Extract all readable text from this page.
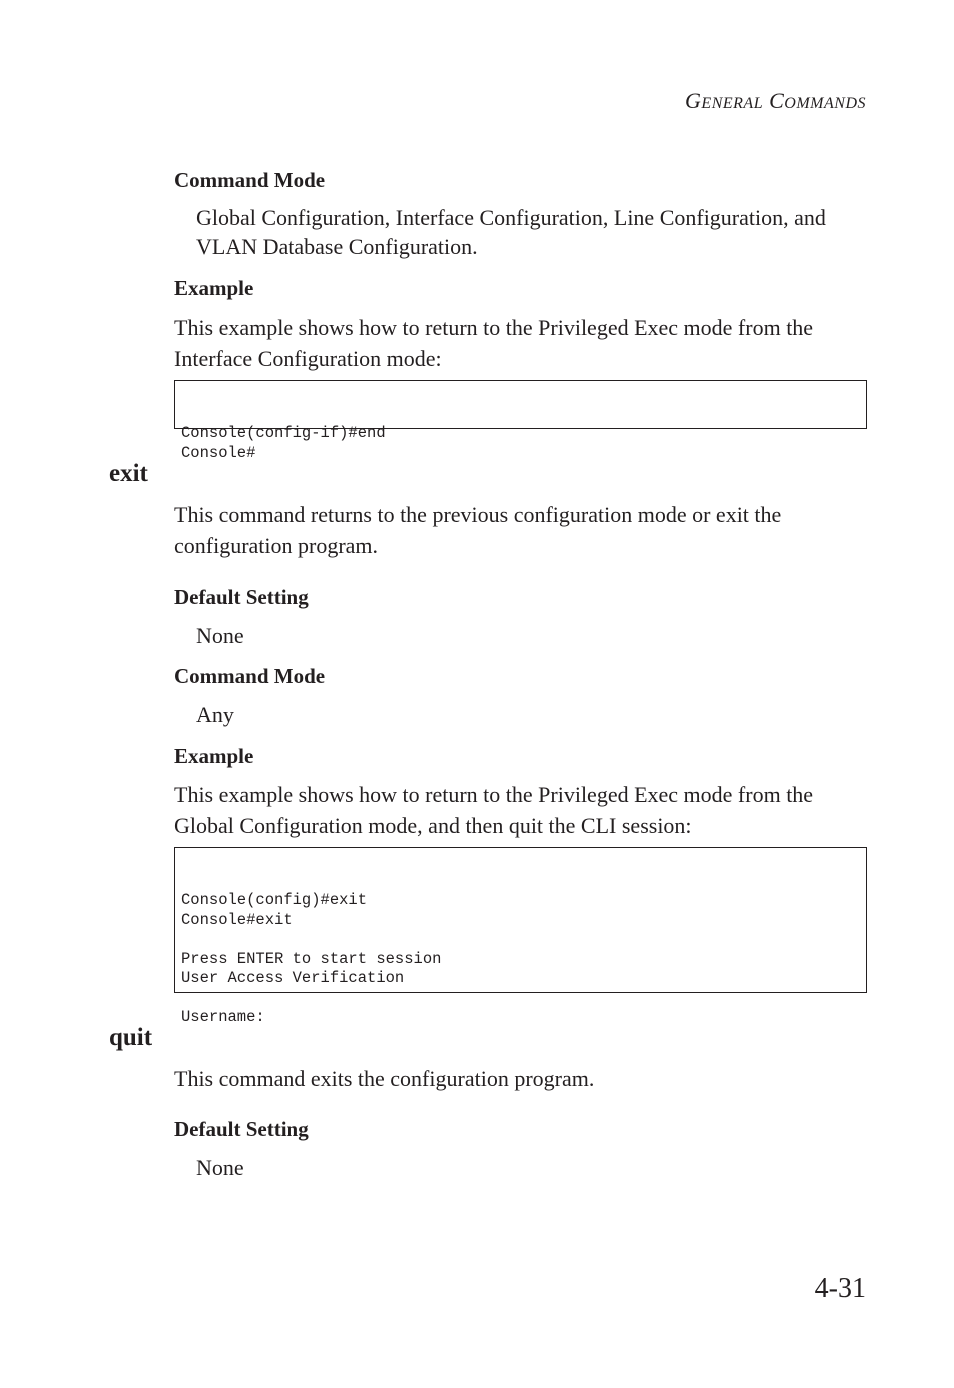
GENERAL COMMANDS
Command Mode
Global Configuration, Interface Configuration, Line Configuration, and VLAN Database Configuration.
Example
This example shows how to return to the Privileged Exec mode from the Interface Configuration mode:

Console(config-if)#end
Console#

exit
This command returns to the previous configuration mode or exit the configuration program.
Default Setting
None
Command Mode
Any
Example
This example shows how to return to the Privileged Exec mode from the Global Configuration mode, and then quit the CLI session:

Console(config)#exit
Console#exit
Press ENTER to start session
User Access Verification
Username:

quit
This command exits the configuration program.
Default Setting
None
4-31
